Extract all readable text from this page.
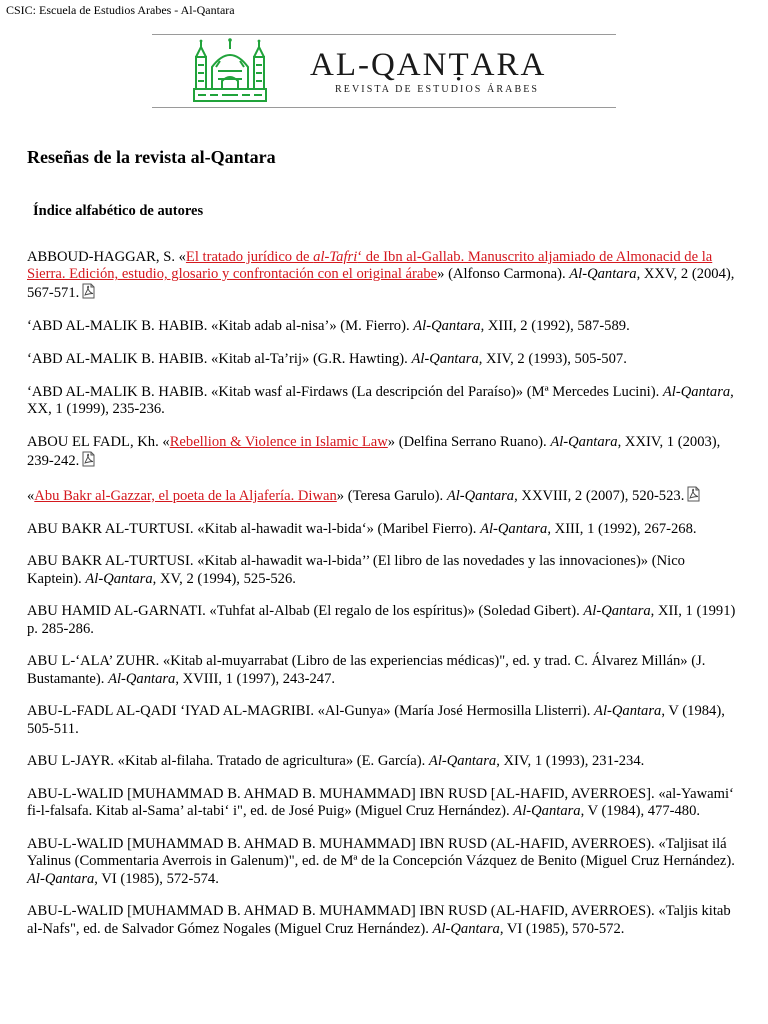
CSIC: Escuela de Estudios Arabes - Al-Qantara
AL-QANṬARA
REVISTA DE ESTUDIOS ÁRABES
Reseñas de la revista al-Qantara
Índice alfabético de autores

ABBOUD-HAGGAR, S. «El tratado jurídico de al-Tafri‘ de Ibn al-Gallab. Manuscrito aljamiado de Almonacid de la Sierra. Edición, estudio, glosario y confrontación con el original árabe» (Alfonso Carmona). Al-Qantara, XXV, 2 (2004), 567-571.

‘ABD AL-MALIK B. HABIB. «Kitab adab al-nisa’» (M. Fierro). Al-Qantara, XIII, 2 (1992), 587-589.

‘ABD AL-MALIK B. HABIB. «Kitab al-Ta’rij» (G.R. Hawting). Al-Qantara, XIV, 2 (1993), 505-507.

‘ABD AL-MALIK B. HABIB. «Kitab wasf al-Firdaws (La descripción del Paraíso)» (Mª Mercedes Lucini). Al-Qantara, XX, 1 (1999), 235-236.

ABOU EL FADL, Kh. «Rebellion & Violence in Islamic Law» (Delfina Serrano Ruano). Al-Qantara, XXIV, 1 (2003), 239-242.

«Abu Bakr al-Gazzar, el poeta de la Aljafería. Diwan» (Teresa Garulo). Al-Qantara, XXVIII, 2 (2007), 520-523.

ABU BAKR AL-TURTUSI. «Kitab al-hawadit wa-l-bida‘» (Maribel Fierro). Al-Qantara, XIII, 1 (1992), 267-268.

ABU BAKR AL-TURTUSI. «Kitab al-hawadit wa-l-bida’’ (El libro de las novedades y las innovaciones)» (Nico Kaptein). Al-Qantara, XV, 2 (1994), 525-526.

ABU HAMID AL-GARNATI. «Tuhfat al-Albab (El regalo de los espíritus)» (Soledad Gibert). Al-Qantara, XII, 1 (1991) p. 285-286.

ABU L-‘ALA’ ZUHR. «Kitab al-muyarrabat (Libro de las experiencias médicas)", ed. y trad. C. Álvarez Millán» (J. Bustamante). Al-Qantara, XVIII, 1 (1997), 243-247.

ABU-L-FADL AL-QADI ‘IYAD AL-MAGRIBI. «Al-Gunya» (María José Hermosilla Llisterri). Al-Qantara, V (1984), 505-511.

ABU L-JAYR. «Kitab al-filaha. Tratado de agricultura» (E. García). Al-Qantara, XIV, 1 (1993), 231-234.

ABU-L-WALID [MUHAMMAD B. AHMAD B. MUHAMMAD] IBN RUSD [AL-HAFID, AVERROES]. «al-Yawami‘ fi-l-falsafa. Kitab al-Sama’ al-tabi‘ i", ed. de José Puig» (Miguel Cruz Hernández). Al-Qantara, V (1984), 477-480.

ABU-L-WALID [MUHAMMAD B. AHMAD B. MUHAMMAD] IBN RUSD (AL-HAFID, AVERROES). «Taljisat ilá Yalinus (Commentaria Averrois in Galenum)", ed. de Mª de la Concepción Vázquez de Benito (Miguel Cruz Hernández). Al-Qantara, VI (1985), 572-574.

ABU-L-WALID [MUHAMMAD B. AHMAD B. MUHAMMAD] IBN RUSD (AL-HAFID, AVERROES). «Taljis kitab al-Nafs", ed. de Salvador Gómez Nogales (Miguel Cruz Hernández). Al-Qantara, VI (1985), 570-572.
